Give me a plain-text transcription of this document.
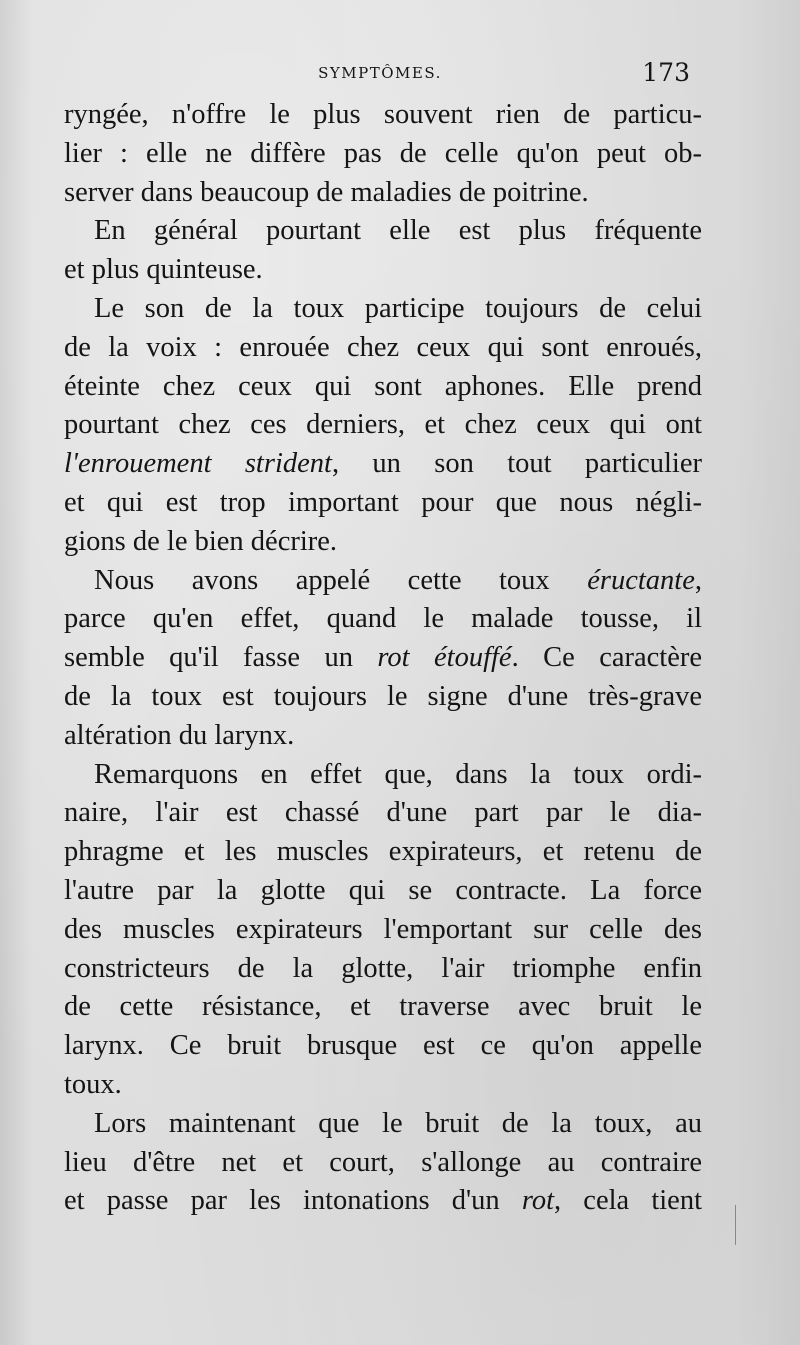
SYMPTÔMES.	173
ryngée, n'offre le plus souvent rien de particu-
lier : elle ne diffère pas de celle qu'on peut ob-
server dans beaucoup de maladies de poitrine.
En général pourtant elle est plus fréquente
et plus quinteuse.
Le son de la toux participe toujours de celui
de la voix : enrouée chez ceux qui sont enroués,
éteinte chez ceux qui sont aphones. Elle prend
pourtant chez ces derniers, et chez ceux qui ont
l'enrouement strident, un son tout particulier
et qui est trop important pour que nous négli-
gions de le bien décrire.
Nous avons appelé cette toux éructante,
parce qu'en effet, quand le malade tousse, il
semble qu'il fasse un rot étouffé. Ce caractère
de la toux est toujours le signe d'une très-grave
altération du larynx.
Remarquons en effet que, dans la toux ordi-
naire, l'air est chassé d'une part par le dia-
phragme et les muscles expirateurs, et retenu de
l'autre par la glotte qui se contracte. La force
des muscles expirateurs l'emportant sur celle des
constricteurs de la glotte, l'air triomphe enfin
de cette résistance, et traverse avec bruit le
larynx. Ce bruit brusque est ce qu'on appelle
toux.
Lors maintenant que le bruit de la toux, au
lieu d'être net et court, s'allonge au contraire
et passe par les intonations d'un rot, cela tient
